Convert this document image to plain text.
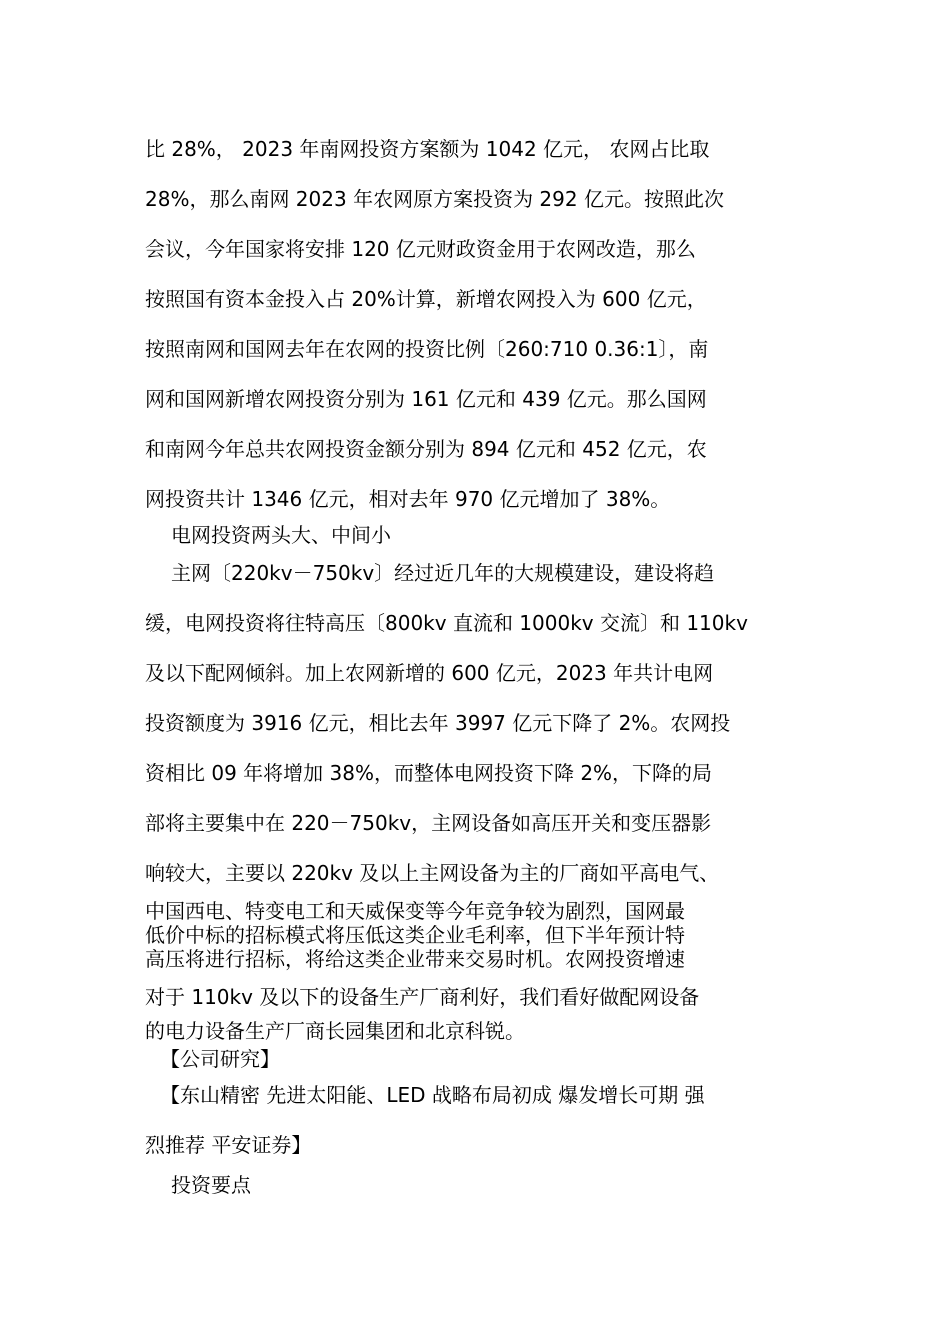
比 28%， 2023 年南网投资方案额为 1042 亿元， 农网占比取
28%，那么南网 2023 年农网原方案投资为 292 亿元。按照此次
会议，今年国家将安排 120 亿元财政资金用于农网改造，那么
按照国有资本金投入占 20%计算，新增农网投入为 600 亿元，
按照南网和国网去年在农网的投资比例〔260:710 0.36:1〕，南
网和国网新增农网投资分别为 161 亿元和 439 亿元。那么国网
和南网今年总共农网投资金额分别为 894 亿元和 452 亿元，农
网投资共计 1346 亿元，相对去年 970 亿元增加了 38%。
电网投资两头大、中间小
主网〔220kv－750kv〕经过近几年的大规模建设，建设将趋
缓，电网投资将往特高压〔800kv 直流和 1000kv 交流〕和 110kv
及以下配网倾斜。加上农网新增的 600 亿元，2023 年共计电网
投资额度为 3916 亿元，相比去年 3997 亿元下降了 2%。农网投
资相比 09 年将增加 38%，而整体电网投资下降 2%，下降的局
部将主要集中在 220－750kv，主网设备如高压开关和变压器影
响较大，主要以 220kv 及以上主网设备为主的厂商如平高电气、
中国西电、特变电工和天威保变等今年竞争较为剧烈，国网最
低价中标的招标模式将压低这类企业毛利率，但下半年预计特
高压将进行招标，将给这类企业带来交易时机。农网投资增速
对于 110kv 及以下的设备生产厂商利好，我们看好做配网设备
的电力设备生产厂商长园集团和北京科锐。
【公司研究】
【东山精密 先进太阳能、LED 战略布局初成 爆发增长可期 强
烈推荐 平安证券】
投资要点
